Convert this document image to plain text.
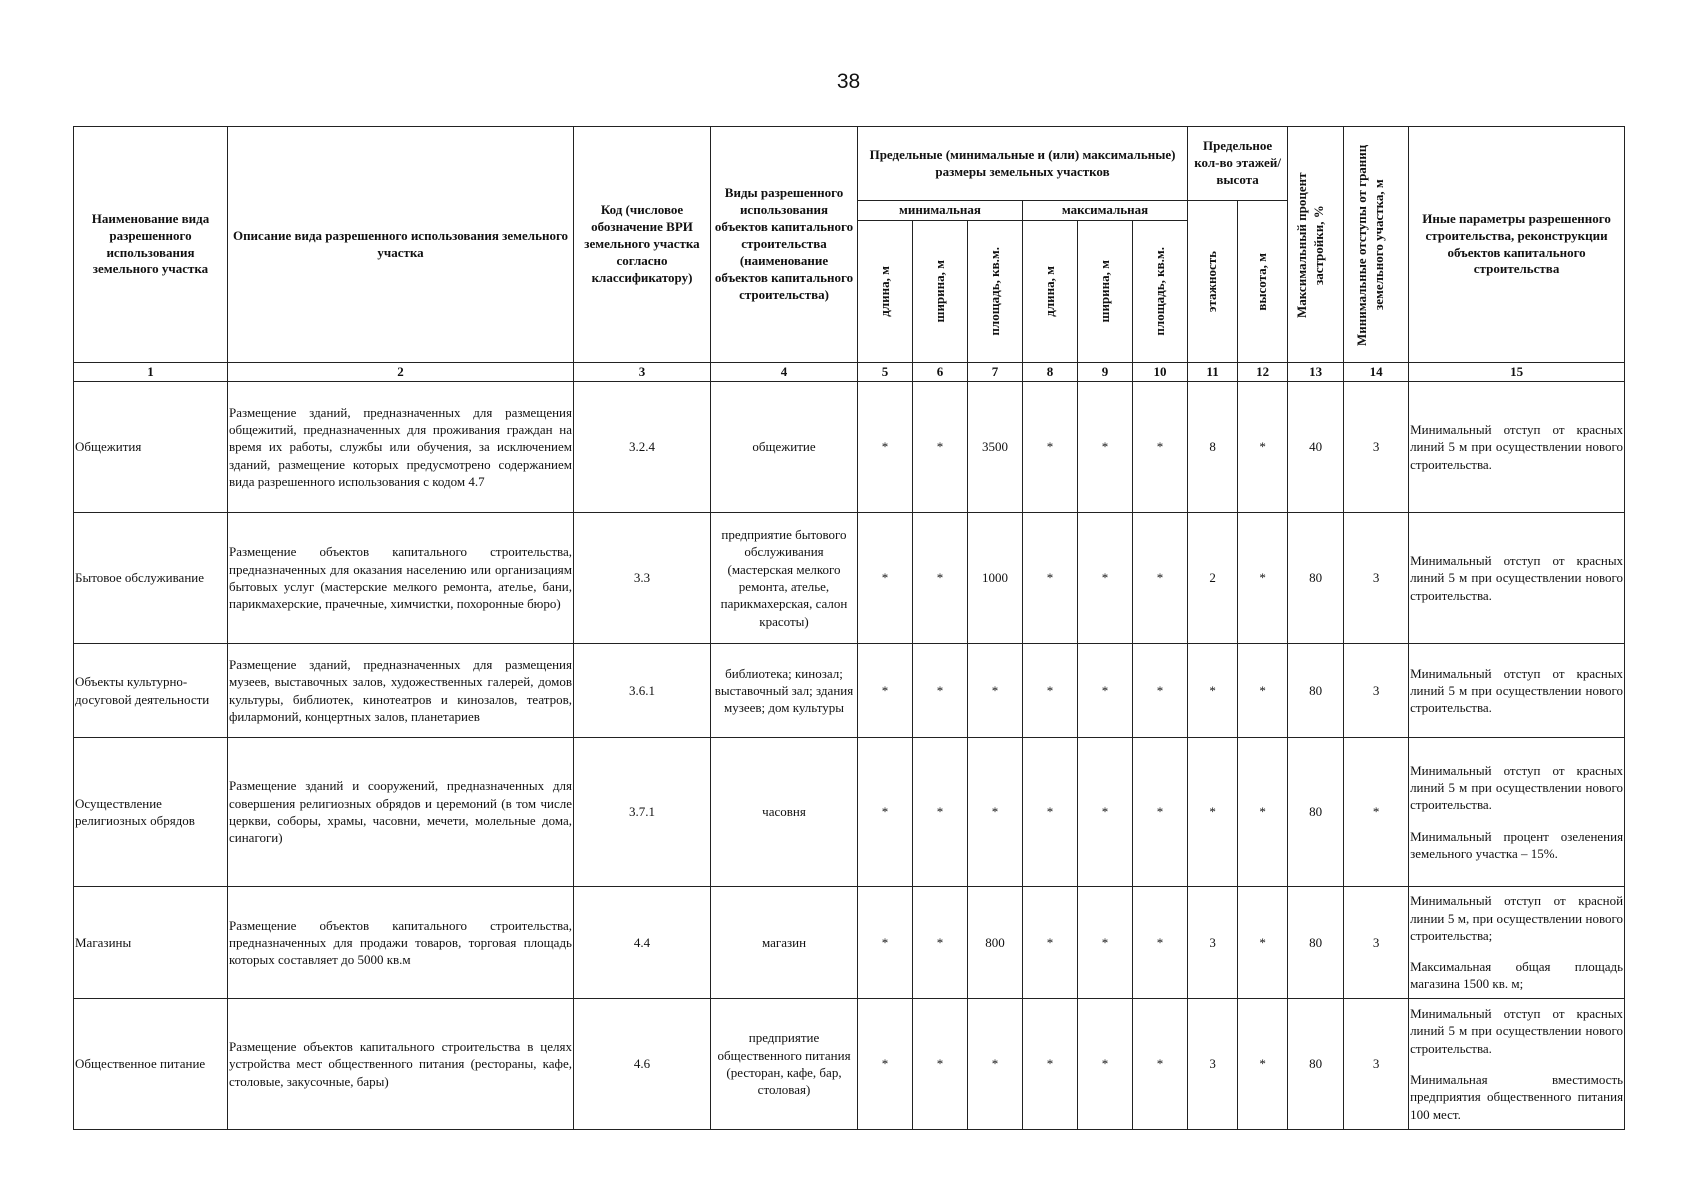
38
Наименование вида разрешенного использования земельного участка	Описание вида разрешенного использования земельного участка	Код (числовое обозначение ВРИ земельного участка согласно классификатору)	Виды разрешенного использования объектов капитального строительства (наименование объектов капитального строительства)	Предельные (минимальные и (или) максимальные) размеры земельных участков						Предельное кол-во этажей/ высота		Максимальный процент застройки, %	Минимальные отступы от границ земельного участка, м	Иные параметры разрешенного строительства, реконструкции объектов капитального строительства
				минимальная			максимальная			этажность	высота, м			

				длина, м	ширина, м	площадь, кв.м.	длина, м	ширина, м	площадь, кв.м.					

1	2	3	4	5	6	7	8	9	10	11	12	13	14	15
Общежития	Размещение зданий, предназначенных для размещения общежитий, предназначенных для проживания граждан на время их работы, службы или обучения, за исключением зданий, размещение которых предусмотрено содержанием вида разрешенного использования с кодом 4.7	3.2.4	общежитие	*	*	3500	*	*	*	8	*	40	3	Минимальный отступ от красных линий 5 м при осуществлении нового строительства.

Бытовое обслуживание	Размещение объектов капитального строительства, предназначенных для оказания населению или организациям бытовых услуг (мастерские мелкого ремонта, ателье, бани, парикмахерские, прачечные, химчистки, похоронные бюро)	3.3	предприятие бытового обслуживания (мастерская мелкого ремонта, ателье, парикмахерская, салон красоты)	*	*	1000	*	*	*	2	*	80	3	Минимальный отступ от красных линий 5 м при осуществлении нового строительства.

Объекты культурно-досуговой деятельности	Размещение зданий, предназначенных для размещения музеев, выставочных залов, художественных галерей, домов культуры, библиотек, кинотеатров и кинозалов, театров, филармоний, концертных залов, планетариев	3.6.1	библиотека; кинозал; выставочный зал; здания музеев; дом культуры	*	*	*	*	*	*	*	*	80	3	Минимальный отступ от красных линий 5 м при осуществлении нового строительства.

Осуществление религиозных обрядов	Размещение зданий и сооружений, предназначенных для совершения религиозных обрядов и церемоний (в том числе церкви, соборы, храмы, часовни, мечети, молельные дома, синагоги)	3.7.1	часовня	*	*	*	*	*	*	*	*	80	*	Минимальный отступ от красных линий 5 м при осуществлении нового строительства.

Минимальный процент озеленения земельного участка – 15%.

Магазины	Размещение объектов капитального строительства, предназначенных для продажи товаров, торговая площадь которых составляет до 5000 кв.м	4.4	магазин	*	*	800	*	*	*	3	*	80	3	Минимальный отступ от красной линии 5 м, при осуществлении нового строительства;

Максимальная общая площадь магазина 1500 кв. м;

Общественное питание	Размещение объектов капитального строительства в целях устройства мест общественного питания (рестораны, кафе, столовые, закусочные, бары)	4.6	предприятие общественного питания (ресторан, кафе, бар, столовая)	*	*	*	*	*	*	3	*	80	3	Минимальный отступ от красных линий 5 м при осуществлении нового строительства.

Минимальная вместимость предприятия общественного питания 100 мест.
